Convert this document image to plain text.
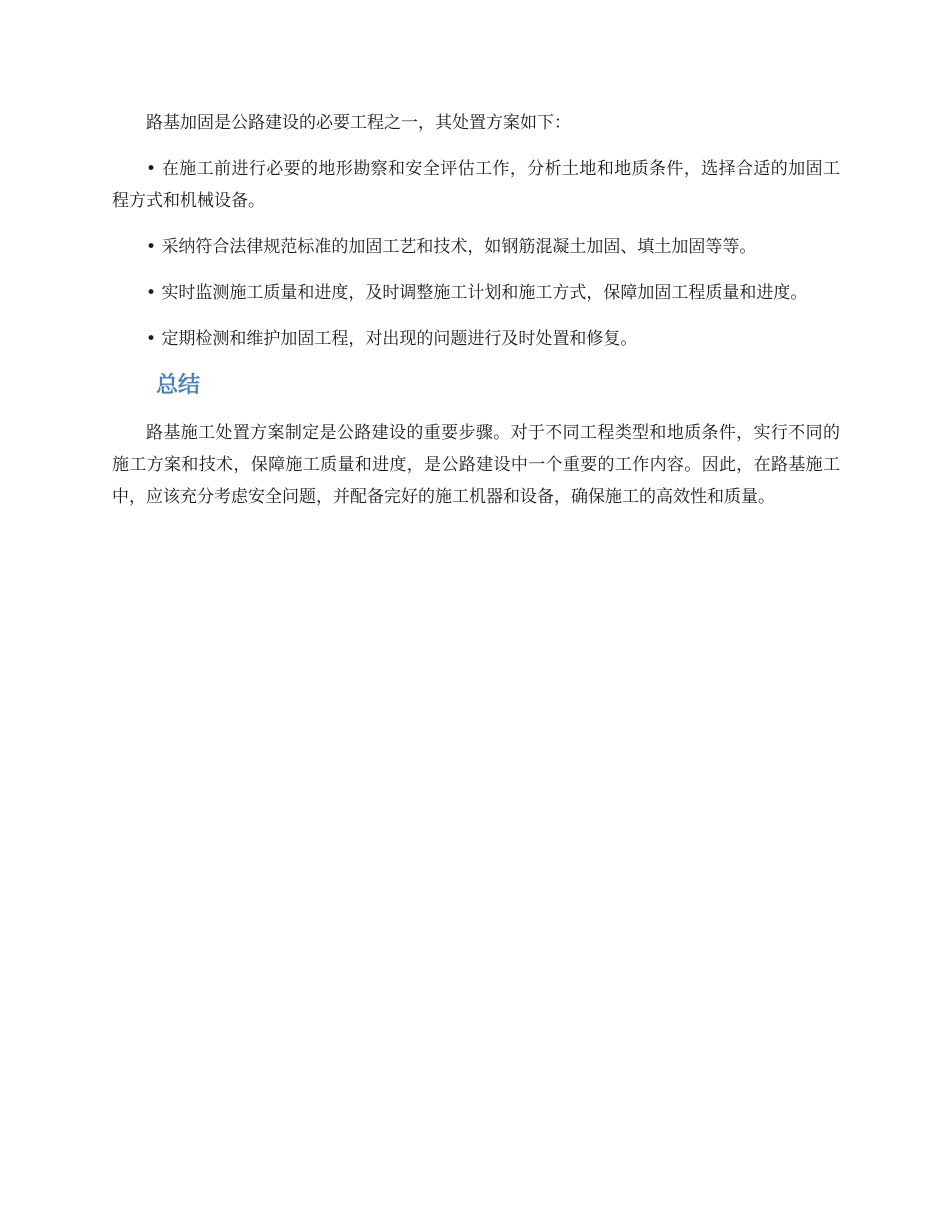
路基加固是公路建设的必要工程之一，其处置方案如下：

• 在施工前进行必要的地形勘察和安全评估工作，分析土地和地质条件，选择合适的加固工程方式和机械设备。

• 采纳符合法律规范标准的加固工艺和技术，如钢筋混凝土加固、填土加固等等。

• 实时监测施工质量和进度，及时调整施工计划和施工方式，保障加固工程质量和进度。

• 定期检测和维护加固工程，对出现的问题进行及时处置和修复。

总结

路基施工处置方案制定是公路建设的重要步骤。对于不同工程类型和地质条件，实行不同的施工方案和技术，保障施工质量和进度，是公路建设中一个重要的工作内容。因此，在路基施工中，应该充分考虑安全问题，并配备完好的施工机器和设备，确保施工的高效性和质量。
